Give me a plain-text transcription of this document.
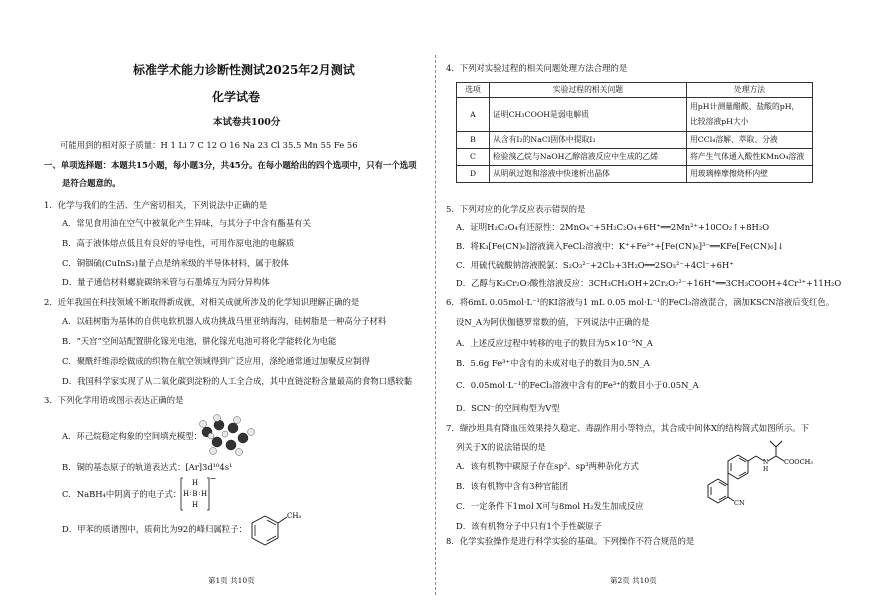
标准学术能力诊断性测试2025年2月测试
化学试卷
本试卷共100分
可能用到的相对原子质量：H 1 Li 7 C 12 O 16 Na 23 Cl 35.5 Mn 55 Fe 56
一、单项选择题：本题共15小题，每小题3分，共45分。在每小题给出的四个选项中，只有一个选项
是符合题意的。
1．化学与我们的生活、生产密切相关，下列说法中正确的是
A．常见食用油在空气中被氧化产生异味，与其分子中含有酯基有关
B．高于液体熔点低且有良好的导电性，可用作原电池的电解质
C．铜铟硫(CuInS₂)量子点是纳米级的半导体材料，属于胶体
D．量子通信材料螺旋碳纳米管与石墨烯互为同分异构体
2．近年我国在科技领域不断取得新成就，对相关成就所涉及的化学知识理解正确的是
A．以硅树脂为基体的自供电软机器人成功挑战马里亚纳海沟，硅树脂是一种高分子材料
B．“天宫”空间站配置肼化镓光电池，肼化镓光电池可将化学能转化为电能
C．聚酰纤维添绘做成的织物在航空领域得到广泛应用，涤纶通常通过加聚反应制得
D．我国科学家实现了从二氧化碳到淀粉的人工全合成，其中直链淀粉含量最高的食物口感较黏
3．下列化学用语或图示表达正确的是
A．环己烷稳定构象的空间填充模型：
B．铜的基态原子的轨道表达式：[Ar]3d¹⁰4s¹
C．NaBH₄中阴离子的电子式：
H
H B H
H
: :
−
D．甲苯的质谱图中，质荷比为92的峰归属粒子：
CH₃
第1页 共10页
4．下列对实验过程的相关问题处理方法合理的是
选项	实验过程的相关问题	处理方法
A	证明CH₃COOH是弱电解质	用pH计测量醋酸、盐酸的pH，
比较溶液pH大小

B	从含有I₂的NaCl固体中提取I₂	用CCl₄溶解、萃取、分液
C	检验溴乙烷与NaOH乙醇溶液反应中生成的乙烯	将产生气体通入酸性KMnO₄溶液
D	从明矾过饱和溶液中快速析出晶体	用玻璃棒摩擦烧杯内壁
5．下列对应的化学反应表示错误的是
A．证明H₂C₂O₄有还原性：2MnO₄⁻+5H₂C₂O₄+6H⁺══2Mn²⁺+10CO₂↑+8H₂O
B．将K₃[Fe(CN)₆]溶液滴入FeCl₂溶液中：K⁺+Fe²⁺+[Fe(CN)₆]³⁻══KFe[Fe(CN)₆]↓
C．用硫代硫酸钠溶液脱氯：S₂O₃²⁻+2Cl₂+3H₂O══2SO₃²⁻+4Cl⁻+6H⁺
D．乙醇与K₂Cr₂O₇酸性溶液反应：3CH₃CH₂OH+2Cr₂O₇²⁻+16H⁺══3CH₃COOH+4Cr³⁺+11H₂O
6．将6mL 0.05mol·L⁻¹的KI溶液与1 mL 0.05 mol·L⁻¹的FeCl₃溶液混合，滴加KSCN溶液后变红色。
设N_A为阿伏伽德罗常数的值，下列说法中正确的是
A．上述反应过程中转移的电子的数目为5×10⁻⁵N_A
B．5.6g Fe³⁺中含有的未成对电子的数目为0.5N_A
C．0.05mol·L⁻¹的FeCl₃溶液中含有的Fe³⁺的数目小于0.05N_A
D．SCN⁻的空间构型为V型
7．缬沙坦具有降血压效果持久稳定、毒副作用小等特点，其合成中间体X的结构简式如图所示。下
列关于X的说法错误的是
A．该有机物中碳原子存在sp²、sp³两种杂化方式
B．该有机物中含有3种官能团
C．一定条件下1mol X可与8mol H₂发生加成反应
D．该有机物分子中只有1个手性碳原子
N
H
COOCH₃
CN
8．化学实验操作是进行科学实验的基础。下列操作不符合规范的是
第2页 共10页
